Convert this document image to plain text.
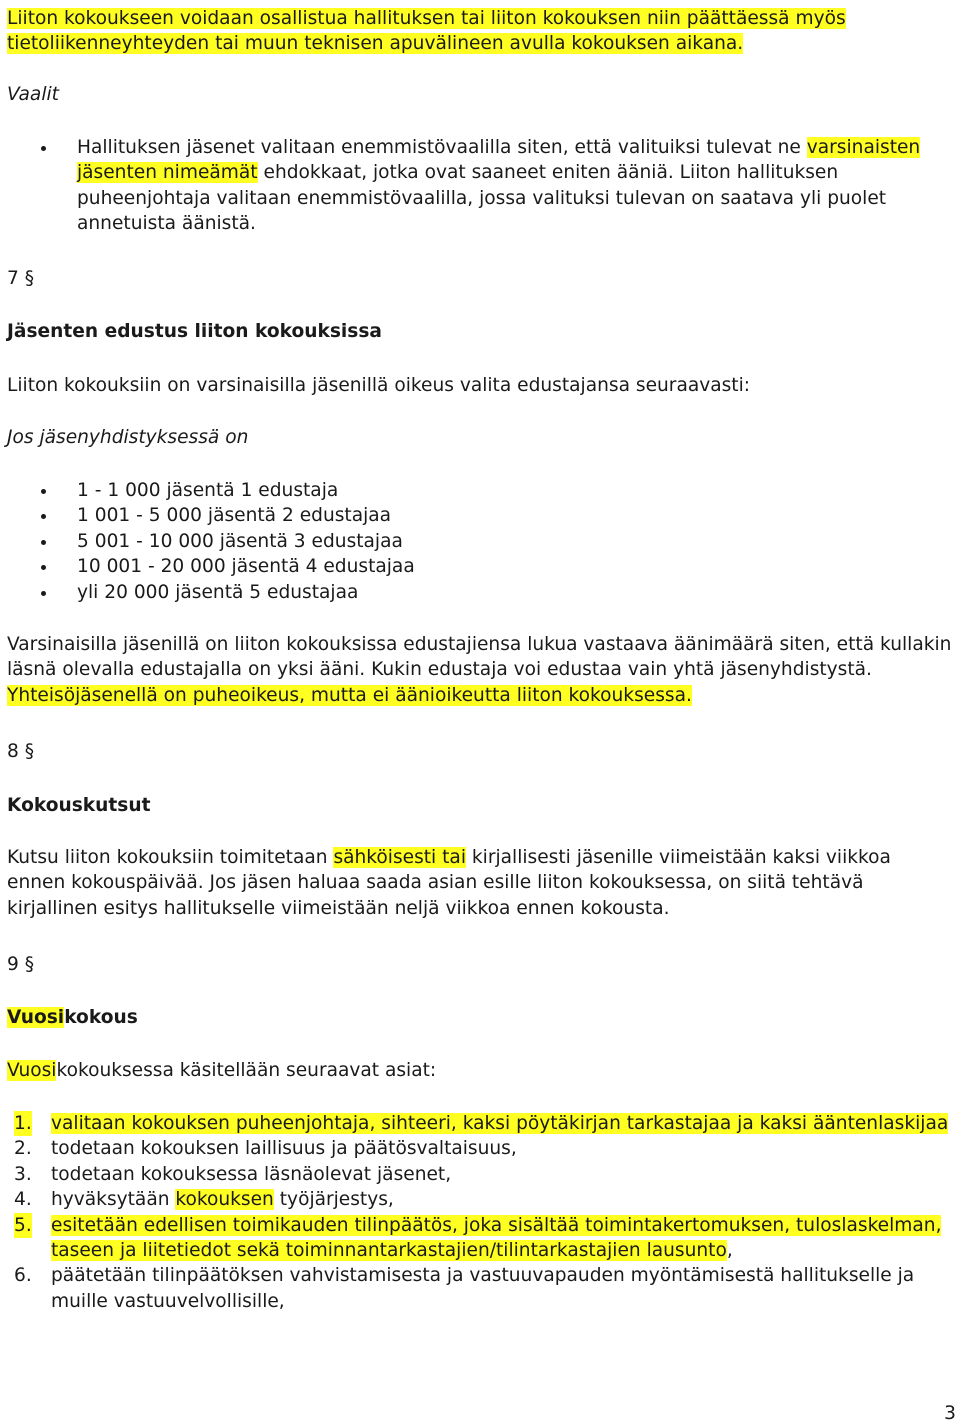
Liiton kokoukseen voidaan osallistua hallituksen tai liiton kokouksen niin päättäessä myös
tietoliikenneyhteyden tai muun teknisen apuvälineen avulla kokouksen aikana.

Vaalit

Hallituksen jäsenet valitaan enemmistövaalilla siten, että valituiksi tulevat ne varsinaisten jäsenten nimeämät ehdokkaat, jotka ovat saaneet eniten ääniä. Liiton hallituksen puheenjohtaja valitaan enemmistövaalilla, jossa valituksi tulevan on saatava yli puolet annetuista äänistä.

7 §

Jäsenten edustus liiton kokouksissa

Liiton kokouksiin on varsinaisilla jäsenillä oikeus valita edustajansa seuraavasti:

Jos jäsenyhdistyksessä on

1 - 1 000 jäsentä 1 edustaja
1 001 - 5 000 jäsentä 2 edustajaa
5 001 - 10 000 jäsentä 3 edustajaa
10 001 - 20 000 jäsentä 4 edustajaa
yli 20 000 jäsentä 5 edustajaa

Varsinaisilla jäsenillä on liiton kokouksissa edustajiensa lukua vastaava äänimäärä siten, että kullakin läsnä olevalla edustajalla on yksi ääni. Kukin edustaja voi edustaa vain yhtä jäsenyhdistystä. Yhteisöjäsenellä on puheoikeus, mutta ei äänioikeutta liiton kokouksessa.

8 §

Kokouskutsut

Kutsu liiton kokouksiin toimitetaan sähköisesti tai kirjallisesti jäsenille viimeistään kaksi viikkoa ennen kokouspäivää. Jos jäsen haluaa saada asian esille liiton kokouksessa, on siitä tehtävä kirjallinen esitys hallitukselle viimeistään neljä viikkoa ennen kokousta.

9 §

Vuosikokous

Vuosikokouksessa käsitellään seuraavat asiat:

1. valitaan kokouksen puheenjohtaja, sihteeri, kaksi pöytäkirjan tarkastajaa ja kaksi ääntenlaskijaa
2. todetaan kokouksen laillisuus ja päätösvaltaisuus,
3. todetaan kokouksessa läsnäolevat jäsenet,
4. hyväksytään kokouksen työjärjestys,
5. esitetään edellisen toimikauden tilinpäätös, joka sisältää toimintakertomuksen, tuloslaskelman, taseen ja liitetiedot sekä toiminnantarkastajien/tilintarkastajien lausunto,
6. päätetään tilinpäätöksen vahvistamisesta ja vastuuvapauden myöntämisestä hallitukselle ja muille vastuuvelvollisille,
3
